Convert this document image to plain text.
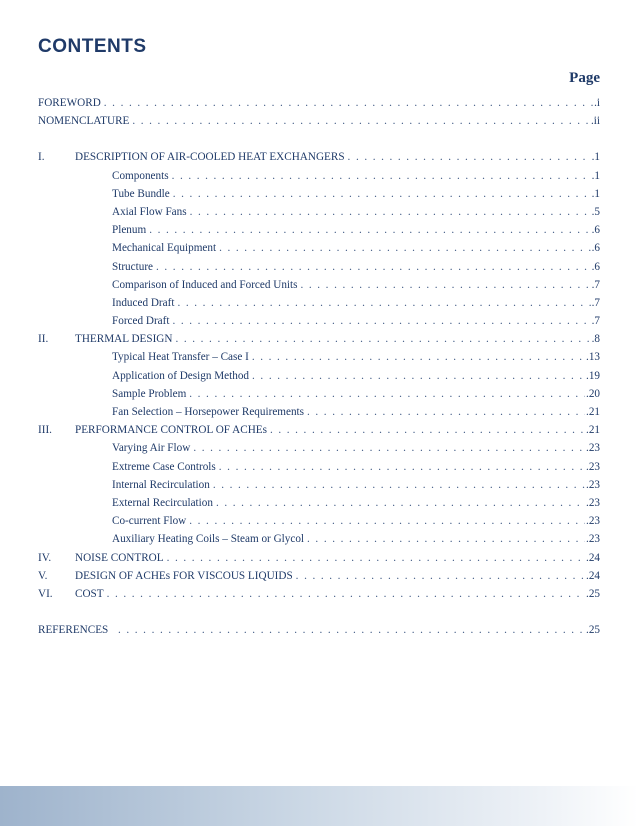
CONTENTS
Page
FOREWORD . . .	.i
NOMENCLATURE . . .	.ii
I.	DESCRIPTION OF AIR-COOLED HEAT EXCHANGERS . . .	.1
Components . . .	.1
Tube Bundle . . .	.1
Axial Flow Fans . . .	.5
Plenum . . .	.6
Mechanical Equipment . . .	.6
Structure . . .	.6
Comparison of Induced and Forced Units . . .	.7
Induced Draft . . .	.7
Forced Draft . . .	.7
II.	THERMAL DESIGN . . .	.8
Typical Heat Transfer – Case I . . .	.13
Application of Design Method . . .	.19
Sample Problem . . .	.20
Fan Selection – Horsepower Requirements . . .	.21
III.	PERFORMANCE CONTROL OF ACHEs . . .	.21
Varying Air Flow . . .	.23
Extreme Case Controls . . .	.23
Internal Recirculation . . .	.23
External Recirculation . . .	.23
Co-current Flow . . .	.23
Auxiliary Heating Coils – Steam or Glycol . . .	.23
IV.	NOISE CONTROL . . .	.24
V.	DESIGN OF ACHEs FOR VISCOUS LIQUIDS . . .	.24
VI.	COST . . .	.25
REFERENCES . . .	.25
